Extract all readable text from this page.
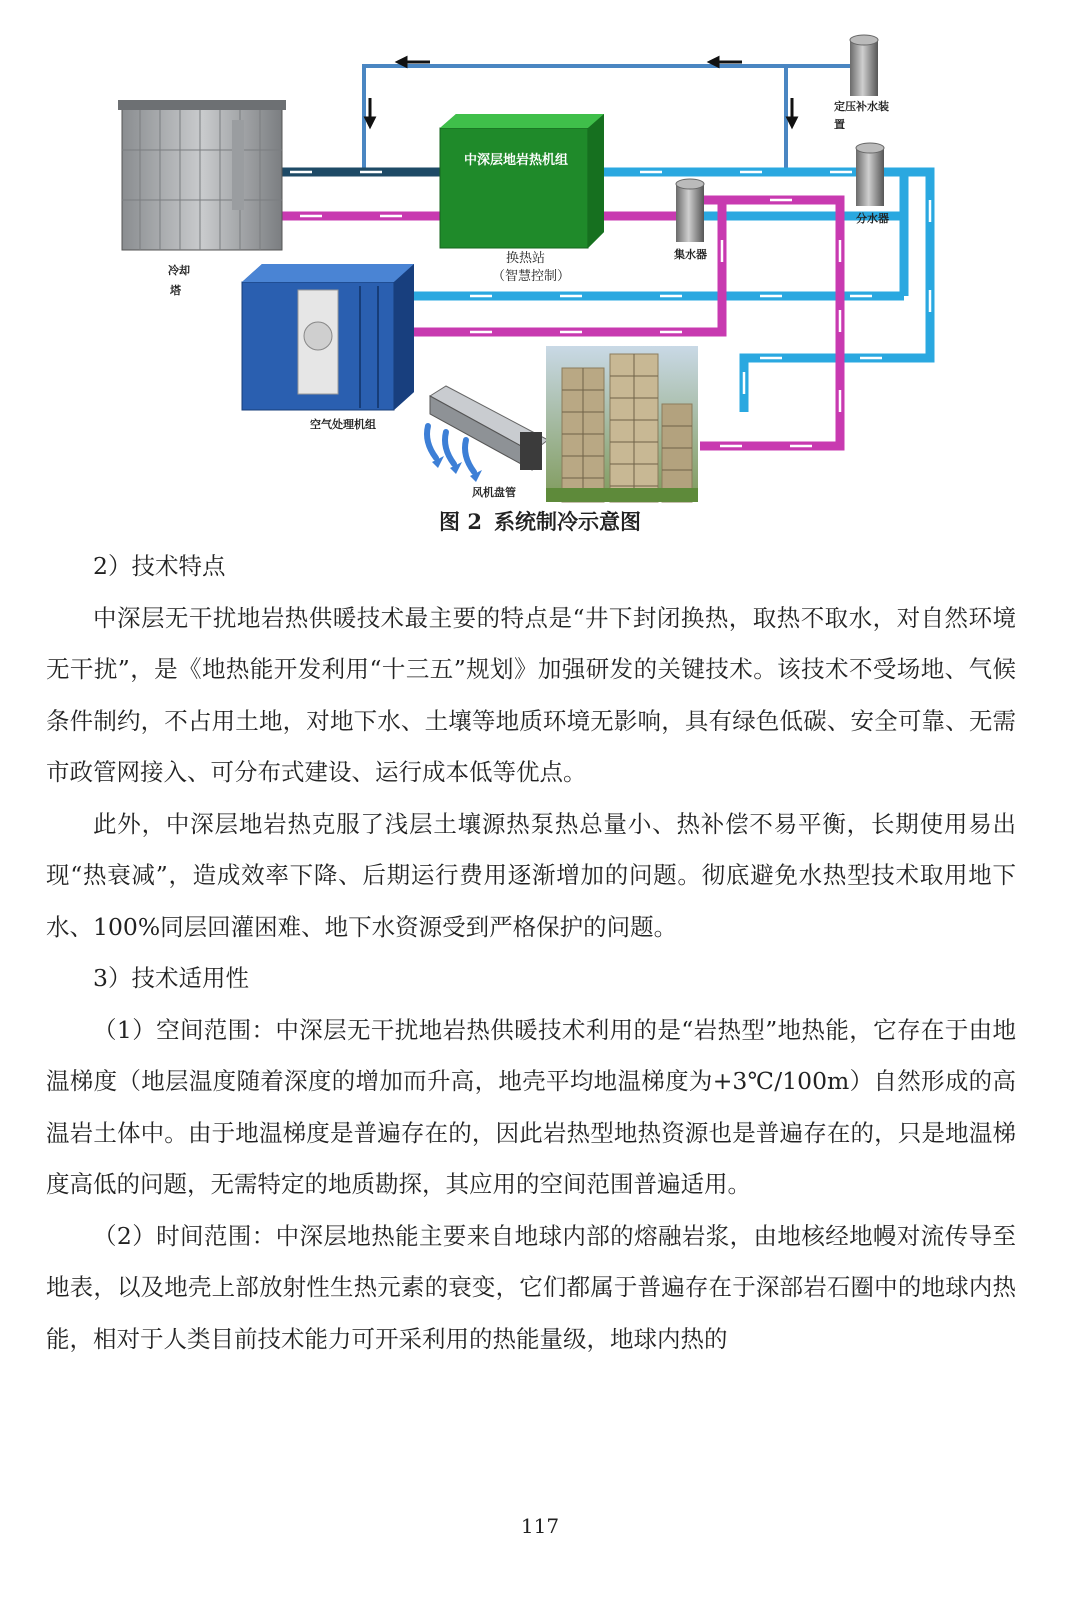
冷却
塔
中深层地岩热机组
换热站
（智慧控制）
定压补水装
置
分水器
集水器
空气处理机组
风机盘管
图 2 系统制冷示意图

2）技术特点

中深层无干扰地岩热供暖技术最主要的特点是“井下封闭换热，取热不取水，对自然环境无干扰”，是《地热能开发利用“十三五”规划》加强研发的关键技术。该技术不受场地、气候条件制约，不占用土地，对地下水、土壤等地质环境无影响，具有绿色低碳、安全可靠、无需市政管网接入、可分布式建设、运行成本低等优点。

此外，中深层地岩热克服了浅层土壤源热泵热总量小、热补偿不易平衡，长期使用易出现“热衰减”，造成效率下降、后期运行费用逐渐增加的问题。彻底避免水热型技术取用地下水、100%同层回灌困难、地下水资源受到严格保护的问题。

3）技术适用性

（1）空间范围：中深层无干扰地岩热供暖技术利用的是“岩热型”地热能，它存在于由地温梯度（地层温度随着深度的增加而升高，地壳平均地温梯度为+3℃/100m）自然形成的高温岩土体中。由于地温梯度是普遍存在的，因此岩热型地热资源也是普遍存在的，只是地温梯度高低的问题，无需特定的地质勘探，其应用的空间范围普遍适用。

（2）时间范围：中深层地热能主要来自地球内部的熔融岩浆，由地核经地幔对流传导至地表，以及地壳上部放射性生热元素的衰变，它们都属于普遍存在于深部岩石圈中的地球内热能，相对于人类目前技术能力可开采利用的热能量级，地球内热的

117
